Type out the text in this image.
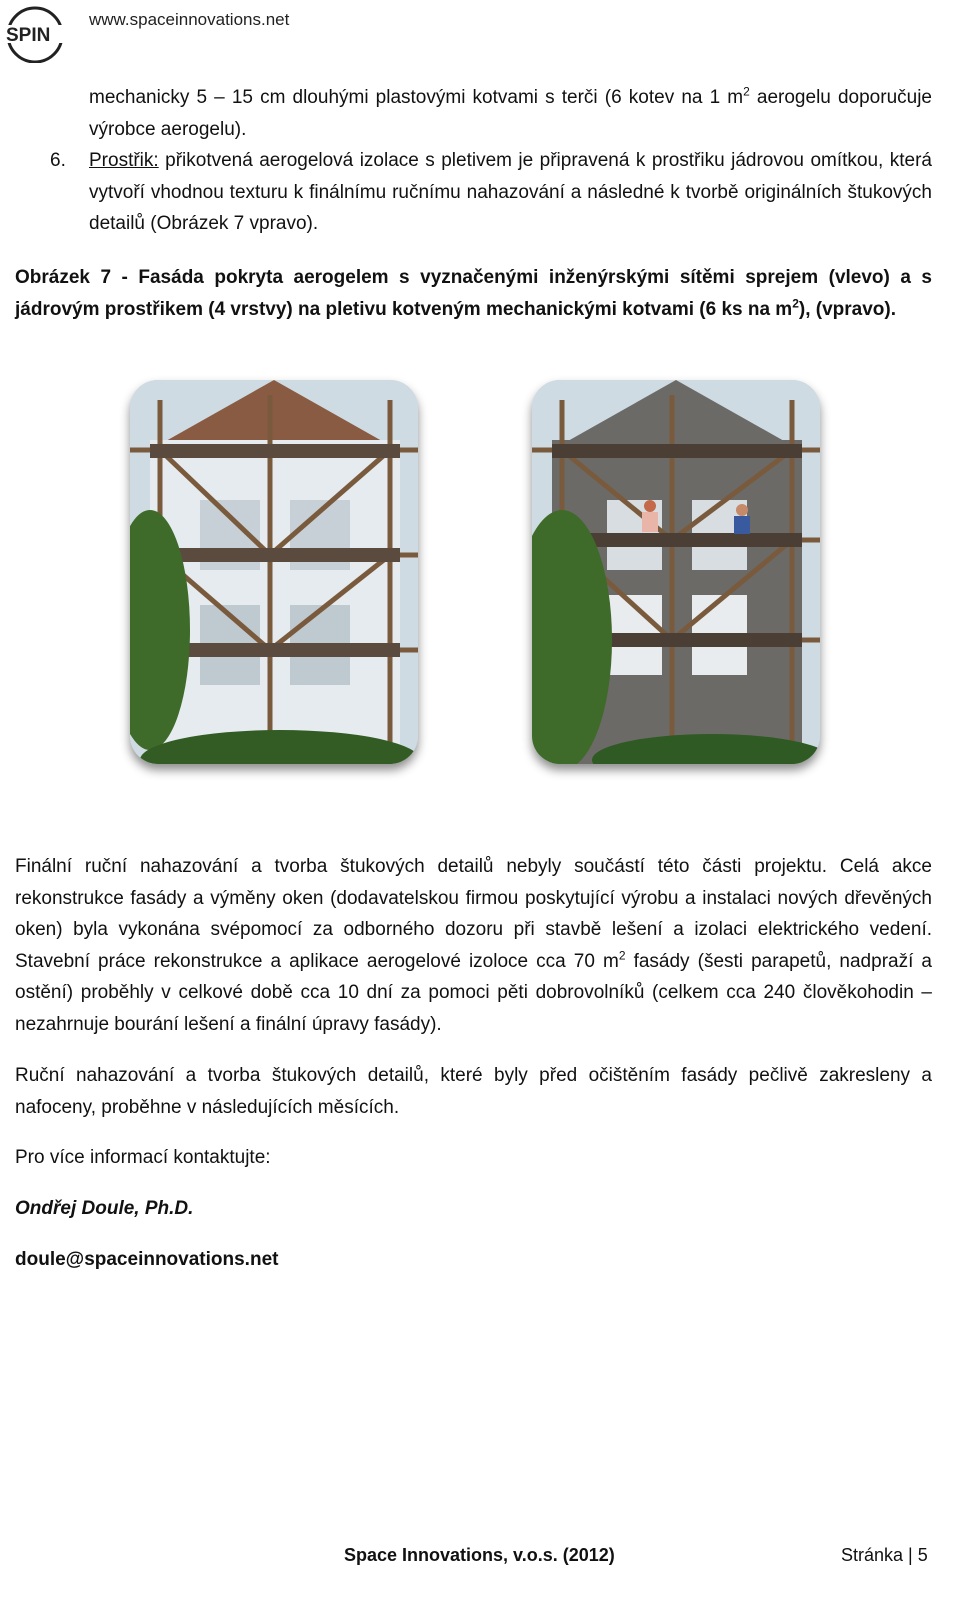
SPIN
www.spaceinnovations.net
mechanicky 5 – 15 cm dlouhými plastovými kotvami s terči (6 kotev na 1 $m^2$ aerogelu doporučuje výrobce aerogelu).
6. Prostřik: přikotvená aerogelová izolace s pletivem je připravená k prostřiku jádrovou omítkou, která vytvoří vhodnou texturu k finálnímu ručnímu nahazování a následné k tvorbě originálních štukových detailů (Obrázek 7 vpravo).
Obrázek 7 - Fasáda pokryta aerogelem s vyznačenými inženýrskými sítěmi sprejem (vlevo) a s jádrovým prostřikem (4 vrstvy) na pletivu kotveným mechanickými kotvami (6 ks na $m^2$), (vpravo).
Finální ruční nahazování a tvorba štukových detailů nebyly součástí této části projektu. Celá akce rekonstrukce fasády a výměny oken (dodavatelskou firmou poskytující výrobu a instalaci nových dřevěných oken) byla vykonána svépomocí za odborného dozoru při stavbě lešení a izolaci elektrického vedení. Stavební práce rekonstrukce a aplikace aerogelové izoloce cca 70 $m^2$ fasády (šesti parapetů, nadpraží a ostění) proběhly v celkové době cca 10 dní za pomoci pěti dobrovolníků (celkem cca 240 člověkohodin – nezahrnuje bourání lešení a finální úpravy fasády).
Ruční nahazování a tvorba štukových detailů, které byly před očištěním fasády pečlivě zakresleny a nafoceny, proběhne v následujících měsících.
Pro více informací kontaktujte:
Ondřej Doule, Ph.D.
doule@spaceinnovations.net
Space Innovations, v.o.s. (2012)	Stránka | 5
